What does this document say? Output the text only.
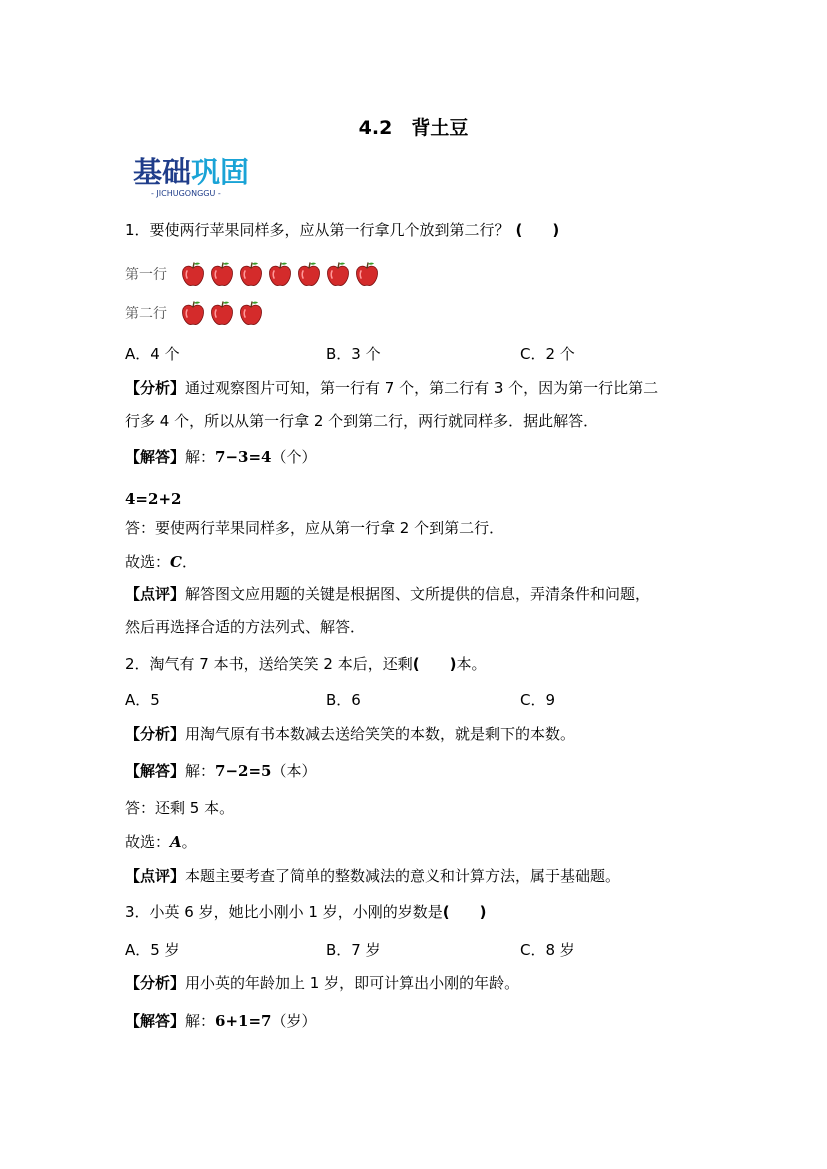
4.2　背土豆
基础巩固
- JICHUGONGGU -
1．要使两行苹果同样多，应从第一行拿几个放到第二行？ (　　)
第一行
第二行
A．4 个	B．3 个	C．2 个
【分析】通过观察图片可知，第一行有 7 个，第二行有 3 个，因为第一行比第二
行多 4 个，所以从第一行拿 2 个到第二行，两行就同样多．据此解答．
【解答】解：7−3=4（个）
4=2+2
答：要使两行苹果同样多，应从第一行拿 2 个到第二行．
故选：C．
【点评】解答图文应用题的关键是根据图、文所提供的信息，弄清条件和问题，
然后再选择合适的方法列式、解答．
2．淘气有 7 本书，送给笑笑 2 本后，还剩(　　)本。
A．5	B．6	C．9
【分析】用淘气原有书本数减去送给笑笑的本数，就是剩下的本数。
【解答】解：7−2=5（本）
答：还剩 5 本。
故选：A。
【点评】本题主要考查了简单的整数减法的意义和计算方法，属于基础题。
3．小英 6 岁，她比小刚小 1 岁，小刚的岁数是(　　)
A．5 岁	B．7 岁	C．8 岁
【分析】用小英的年龄加上 1 岁，即可计算出小刚的年龄。
【解答】解：6+1=7（岁）
